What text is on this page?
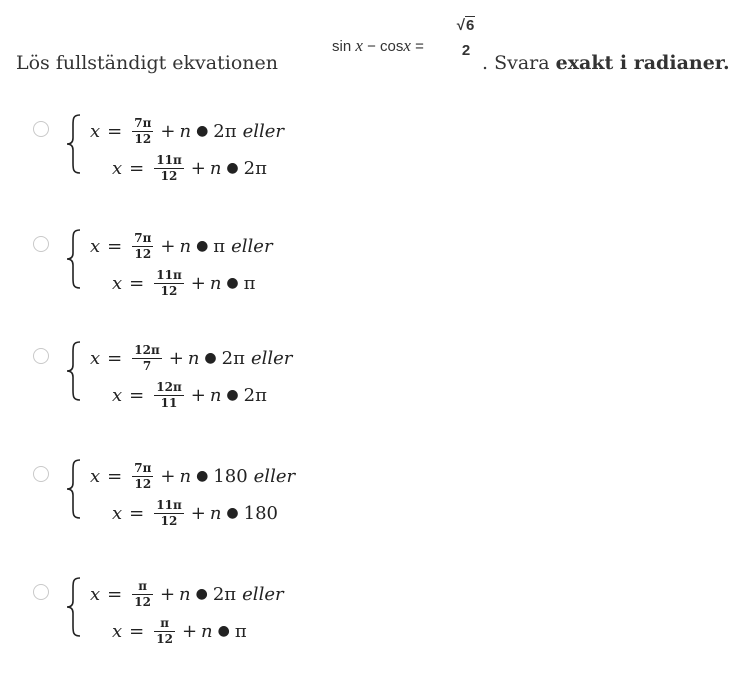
Lös fullständigt ekvationen
sin x − cosx =
√6
2
. Svara exakt i radianer.
$x = \frac{7\pi}{12} + n$ ● 2π eller
$x = \frac{11\pi}{12} + n$ ● 2π
$x = \frac{7\pi}{12} + n$ ● π eller
$x = \frac{11\pi}{12} + n$ ● π
$x = \frac{12\pi}{7} + n$ ● 2π eller
$x = \frac{12\pi}{11} + n$ ● 2π
$x = \frac{7\pi}{12} + n$ ● 180 eller
$x = \frac{11\pi}{12} + n$ ● 180
$x = \frac{\pi}{12} + n$ ● 2π eller
$x = \frac{\pi}{12} + n$ ● π
